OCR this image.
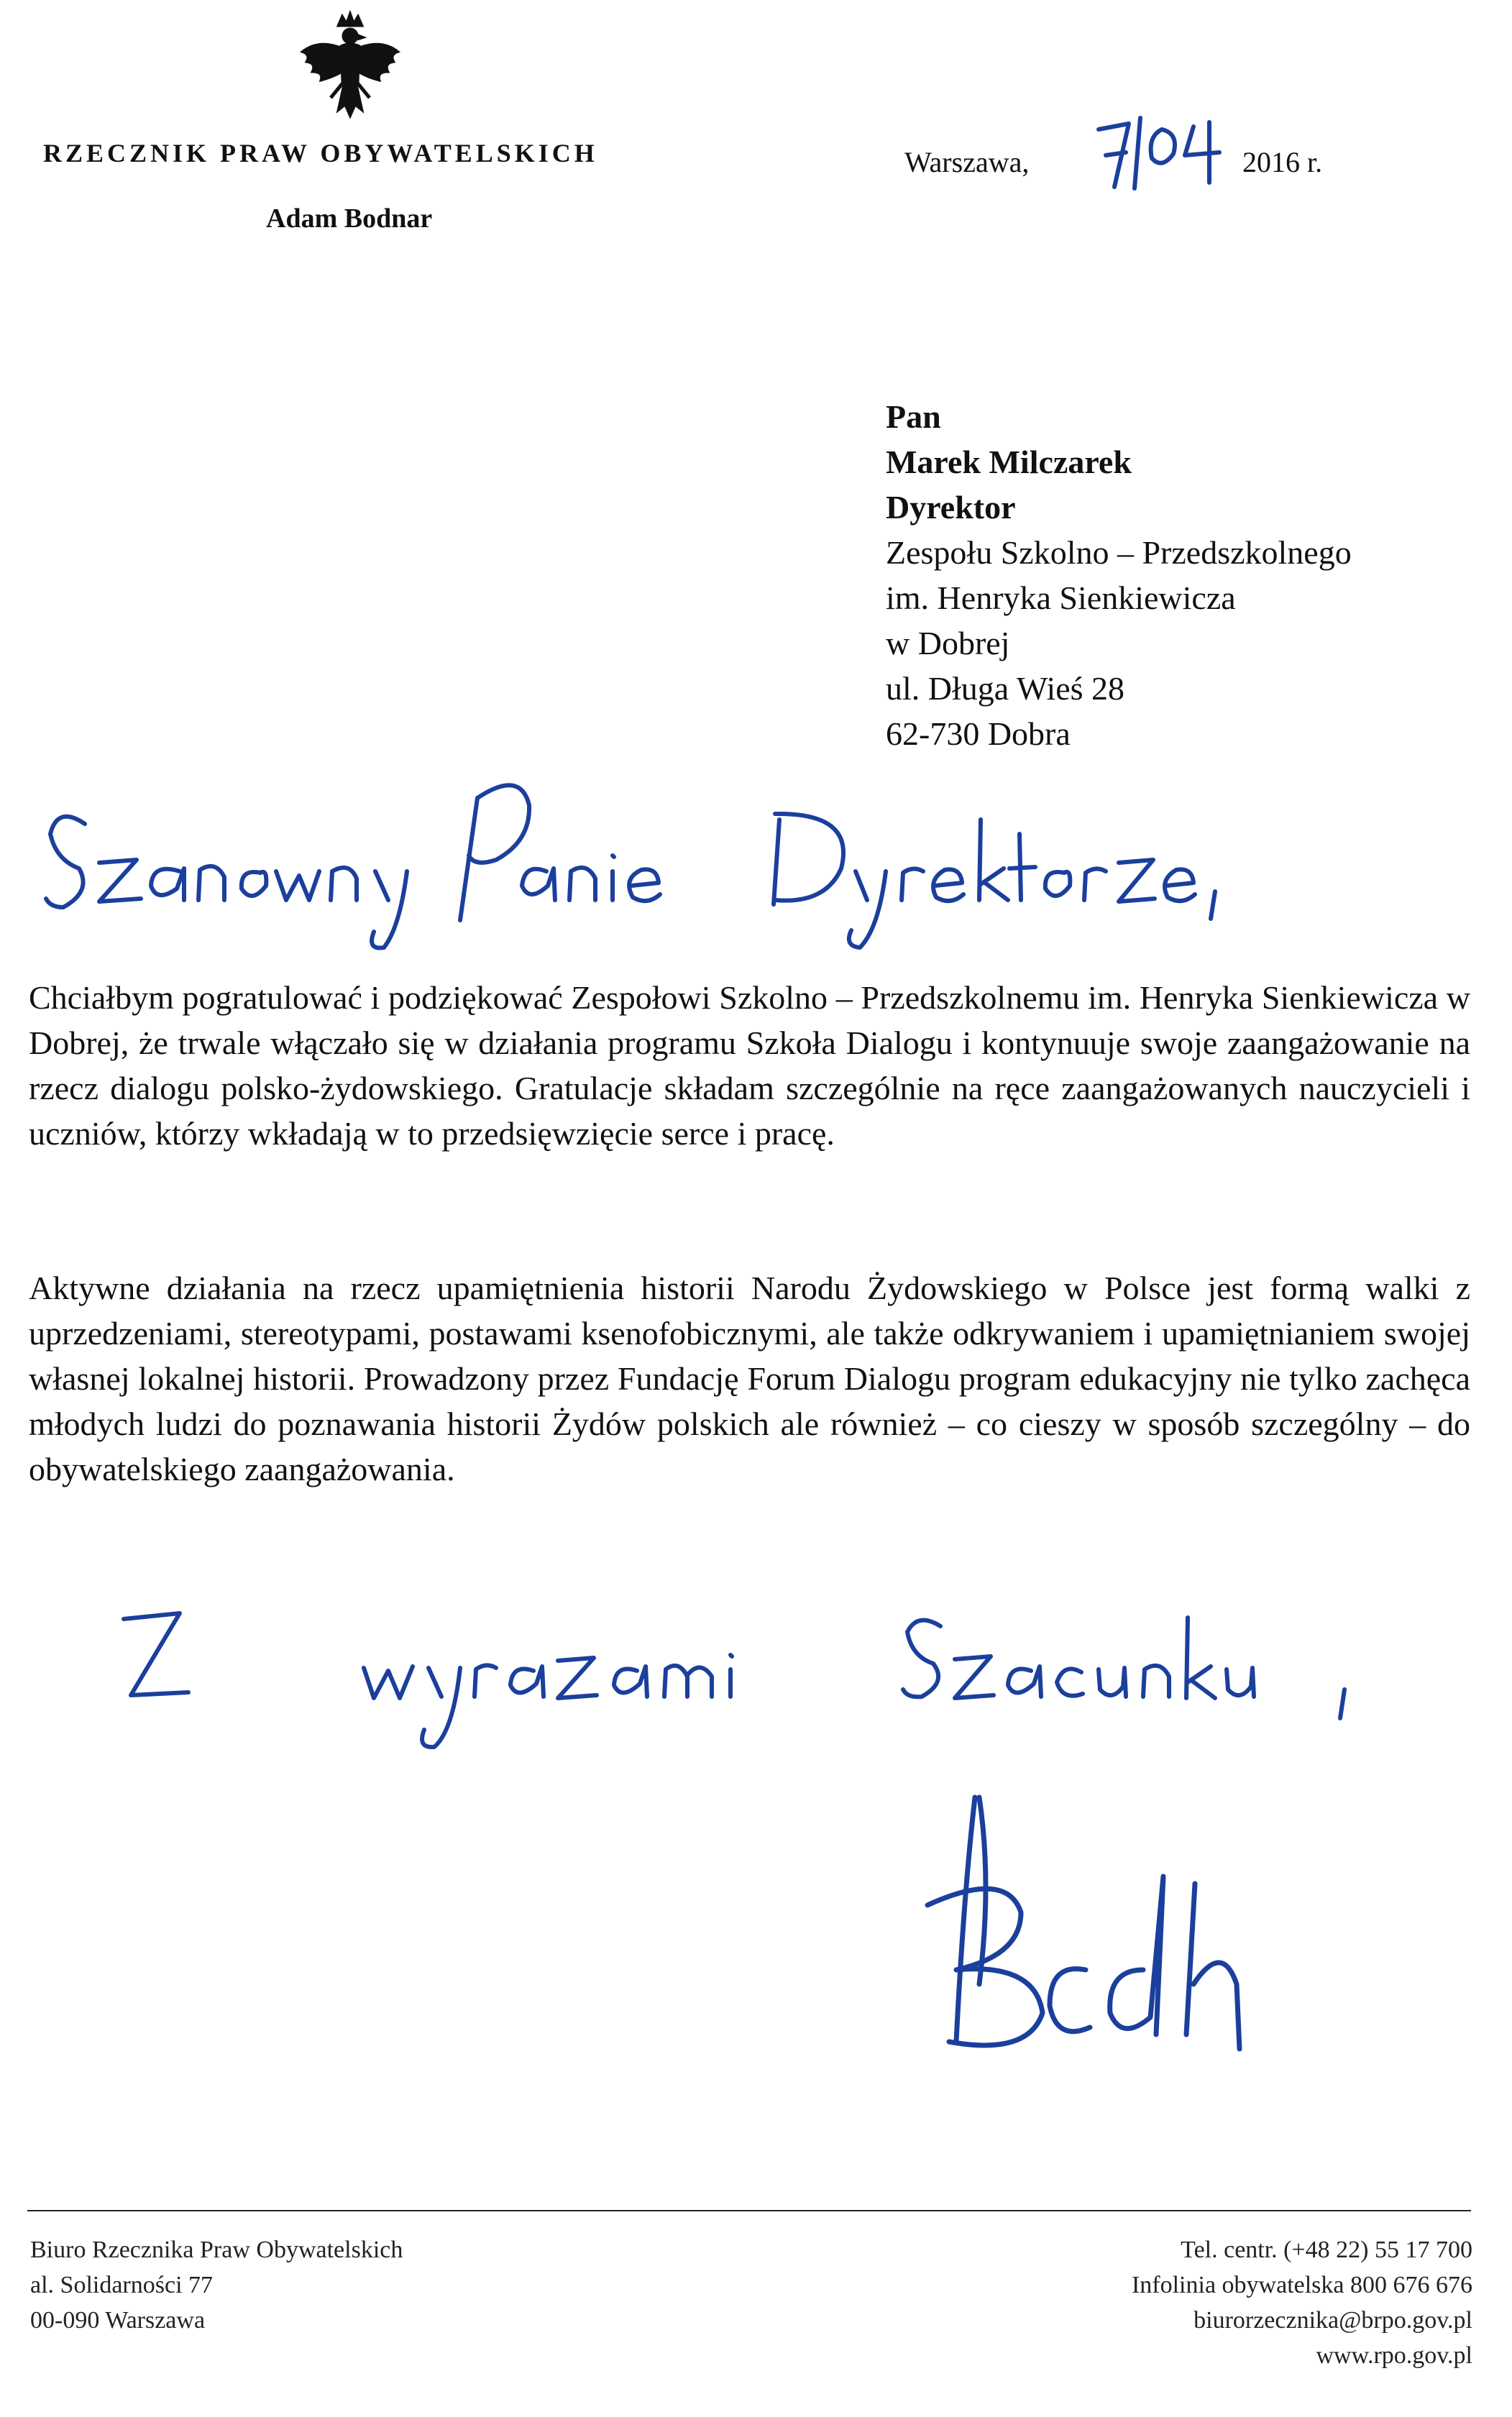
RZECZNIK PRAW OBYWATELSKICH
Adam Bodnar
Warszawa,	2016 r.
Pan
Marek Milczarek
Dyrektor
Zespołu Szkolno – Przedszkolnego
im. Henryka Sienkiewicza
w Dobrej
ul. Długa Wieś 28
62-730 Dobra
Chciałbym pogratulować i podziękować Zespołowi Szkolno – Przedszkolnemu im. Henryka Sienkiewicza w Dobrej, że trwale włączało się w działania programu Szkoła Dialogu i kontynuuje swoje zaangażowanie na rzecz dialogu polsko-żydowskiego. Gratulacje składam szczególnie na ręce zaangażowanych nauczycieli i uczniów, którzy wkładają w to przedsięwzięcie serce i pracę.
Aktywne działania na rzecz upamiętnienia historii Narodu Żydowskiego w Polsce jest formą walki z uprzedzeniami, stereotypami, postawami ksenofobicznymi, ale także odkrywaniem i upamiętnianiem swojej własnej lokalnej historii. Prowadzony przez Fundację Forum Dialogu program edukacyjny nie tylko zachęca młodych ludzi do poznawania historii Żydów polskich ale również – co cieszy w sposób szczególny – do obywatelskiego zaangażowania.
Biuro Rzecznika Praw Obywatelskich
al. Solidarności 77
00-090 Warszawa
Tel. centr. (+48 22) 55 17 700
Infolinia obywatelska 800 676 676
biurorzecznika@brpo.gov.pl
www.rpo.gov.pl
